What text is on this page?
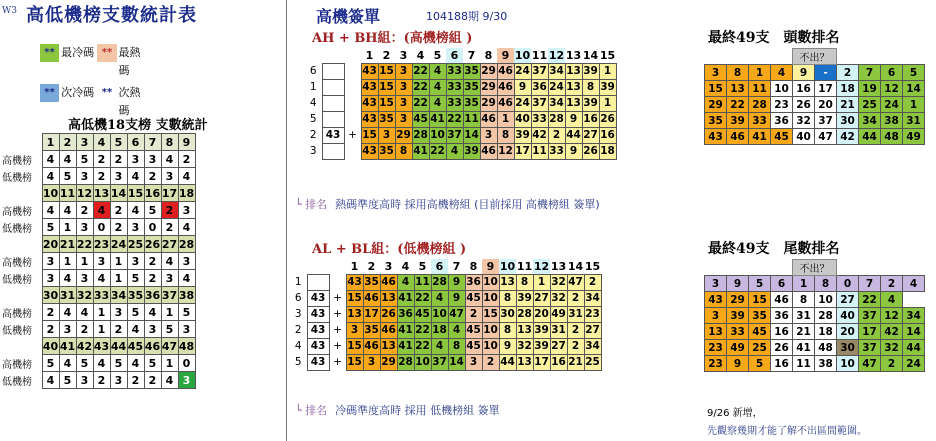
W3 高低機榜支數統計表
** 最冷碼 ** 最熱碼
** 次冷碼 ** 次熱碼
高低機18支榜 支數統計
	1	2	3	4	5	6	7	8	9
高機榜	4	4	5	2	2	3	3	4	2
低機榜	4	5	3	2	3	4	2	3	4
	10	11	12	13	14	15	16	17	18
高機榜	4	4	2	4	2	4	5	2	3
低機榜	5	1	3	0	2	3	0	2	4
	20	21	22	23	24	25	26	27	28
高機榜	3	1	1	3	1	3	2	4	3
低機榜	3	4	3	4	1	5	2	3	4
	30	31	32	33	34	35	36	37	38
高機榜	2	4	4	1	3	5	4	1	5
低機榜	2	3	2	1	2	4	3	5	3
	40	41	42	43	44	45	46	47	48
高機榜	5	4	5	4	5	4	5	1	0
低機榜	4	5	3	2	3	2	2	4	3
高機簽單	104188期 9/30
AH + BH組：(高機榜組 )
			1	2	3	4	5	6	7	8	9	10	11	12	13	14	15
6			43	15	3	22	4	33	35	29	46	24	37	34	13	39	1
1			43	15	3	22	4	33	35	29	46	9	36	24	13	8	39
4			43	15	3	22	4	33	35	29	46	24	37	34	13	39	1
5			43	35	3	45	41	22	11	46	1	40	33	28	9	16	26
2	43	+	15	3	29	28	10	37	14	3	8	39	42	2	44	27	16
3			43	35	8	41	22	4	39	46	12	17	11	33	9	26	18
└ 排名 熱碼準度高時 採用高機榜組 (目前採用 高機榜組 簽單)
AL + BL組：(低機榜組 )
			1	2	3	4	5	6	7	8	9	10	11	12	13	14	15
1			43	35	46	4	11	28	9	36	10	13	8	1	32	47	2
6	43	+	15	46	13	41	22	4	9	45	10	8	39	27	32	2	34
3	43	+	13	17	26	36	45	10	47	2	15	30	28	20	49	31	23
2	43	+	3	35	46	41	22	18	4	45	10	8	13	39	31	2	27
4	43	+	15	46	13	41	22	4	8	45	10	9	32	39	27	2	34
5	43	+	15	3	29	28	10	37	14	3	2	44	13	17	16	21	25
└ 排名 冷碼準度高時 採用 低機榜組 簽單
最終49支　頭數排名
				不出？					
3	8	1	4	9	-	2	7	6	5
15	13	11	10	16	17	18	19	12	14
29	22	28	23	26	20	21	25	24	1
35	39	33	36	32	37	30	34	38	31
43	46	41	45	40	47	42	44	48	49
最終49支　尾數排名
				不出？					
3	9	5	6	1	8	0	7	2	4
43	29	15	46	8	10	27	22	4	
3	39	35	36	31	28	40	37	12	34
13	33	45	16	21	18	20	17	42	14
23	49	25	26	41	48	30	37	32	44
23	9	5	16	11	38	10	47	2	24
9/26 新增，
先觀察幾期才能了解不出區間範圍。
